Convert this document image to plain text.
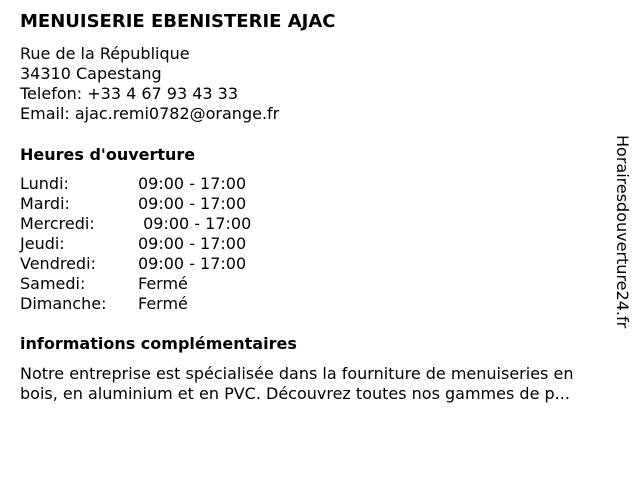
MENUISERIE EBENISTERIE AJAC
Rue de la République
34310 Capestang
Telefon: +33 4 67 93 43 33
Email: ajac.remi0782@orange.fr
Heures d'ouverture
Lundi:	09:00 - 17:00
Mardi:	09:00 - 17:00
Mercredi:	09:00 - 17:00
Jeudi:	09:00 - 17:00
Vendredi:	09:00 - 17:00
Samedi:	Fermé
Dimanche: Fermé
informations complémentaires
Notre entreprise est spécialisée dans la fourniture de menuiseries en
bois, en aluminium et en PVC. Découvrez toutes nos gammes de p...
Horairesdouverture24.fr
